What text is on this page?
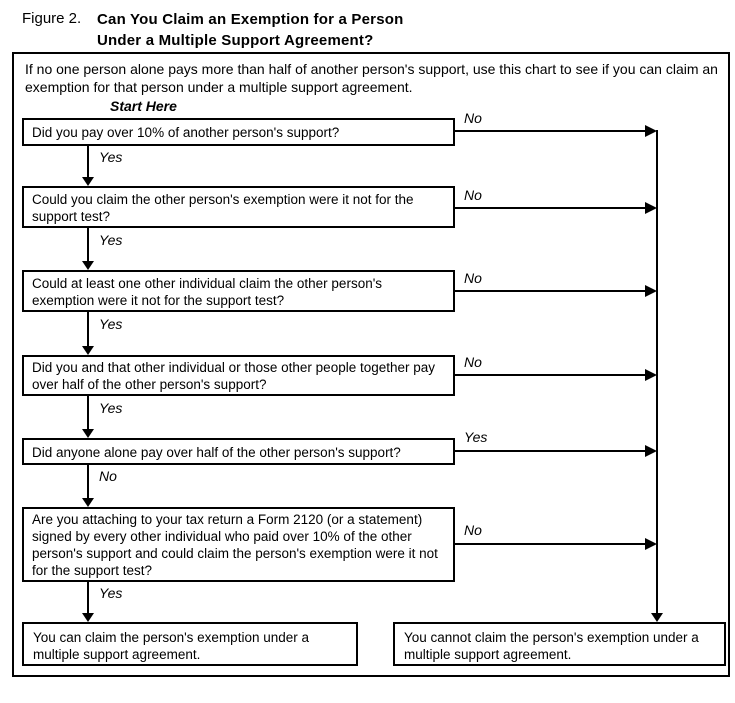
Figure 2. Can You Claim an Exemption for a Person
Under a Multiple Support Agreement?

If no one person alone pays more than half of another person's support, use this chart to see if you can claim an exemption for that person under a multiple support agreement.

Start Here
Did you pay over 10% of another person's support?
Could you claim the other person's exemption were it not for the support test?
Could at least one other individual claim the other person's exemption were it not for the support test?
Did you and that other individual or those other people together pay over half of the other person's support?
Did anyone alone pay over half of the other person's support?
Are you attaching to your tax return a Form 2120 (or a statement) signed by every other individual who paid over 10% of the other person's support and could claim the person's exemption were it not for the support test?
You can claim the person's exemption under a multiple support agreement.
You cannot claim the person's exemption under a multiple support agreement.
Yes
Yes
Yes
Yes
No
Yes
No
No
No
No
Yes
No
